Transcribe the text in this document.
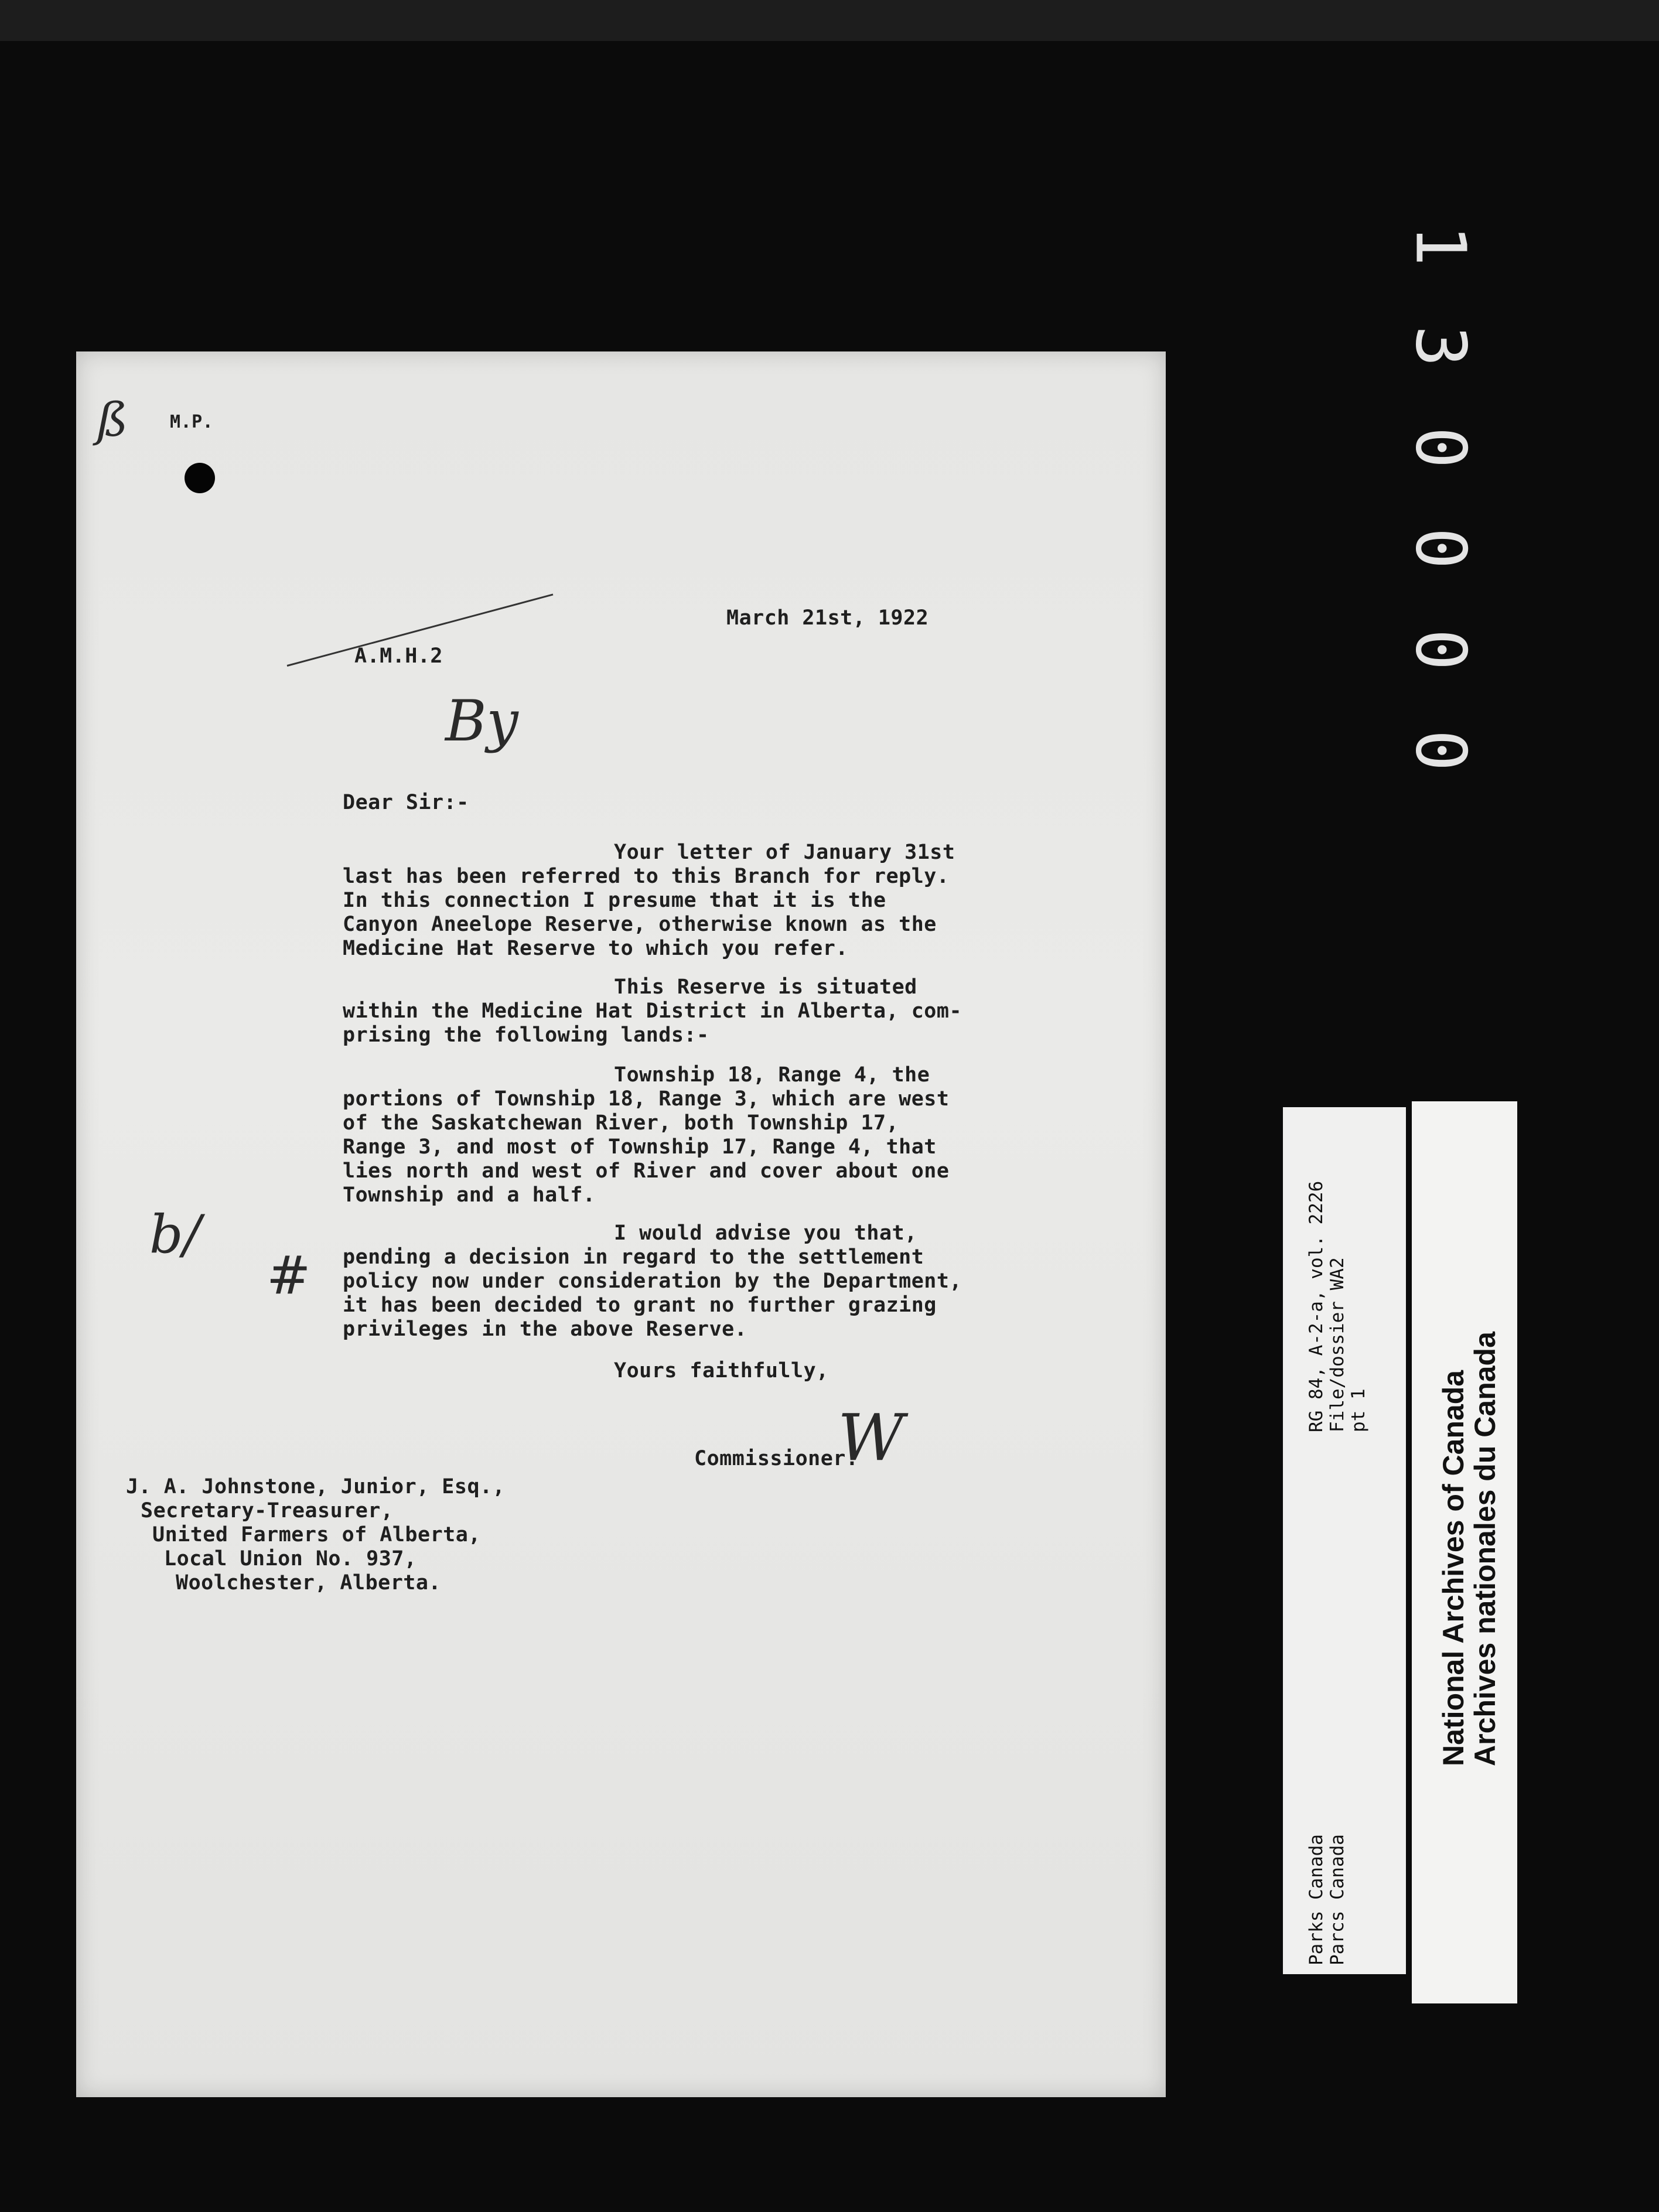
1
3
0
0
0
0
ß M.P.
March 21st, 1922
A.M.H.2
By
Dear Sir:-
Your letter of January 31st
last has been referred to this Branch for reply.
In this connection I presume that it is the
Canyon Aneelope Reserve, otherwise known as the
Medicine Hat Reserve to which you refer.
This Reserve is situated
within the Medicine Hat District in Alberta, com-
prising the following lands:-
Township 18, Range 4, the
portions of Township 18, Range 3, which are west
of the Saskatchewan River, both Township 17,
Range 3, and most of Township 17, Range 4, that
lies north and west of River and cover about one
Township and a half.
I would advise you that,
pending a decision in regard to the settlement
policy now under consideration by the Department,
it has been decided to grant no further grazing
privileges in the above Reserve.
b/
#
Yours faithfully,
Commissioner.
W
J. A. Johnstone, Junior, Esq.,
Secretary-Treasurer,
United Farmers of Alberta,
Local Union No. 937,
Woolchester, Alberta.
RG 84, A-2-a, vol. 2226 File/dossier WA2 pt 1
Parks Canada Parcs Canada
National Archives of Canada
Archives nationales du Canada
